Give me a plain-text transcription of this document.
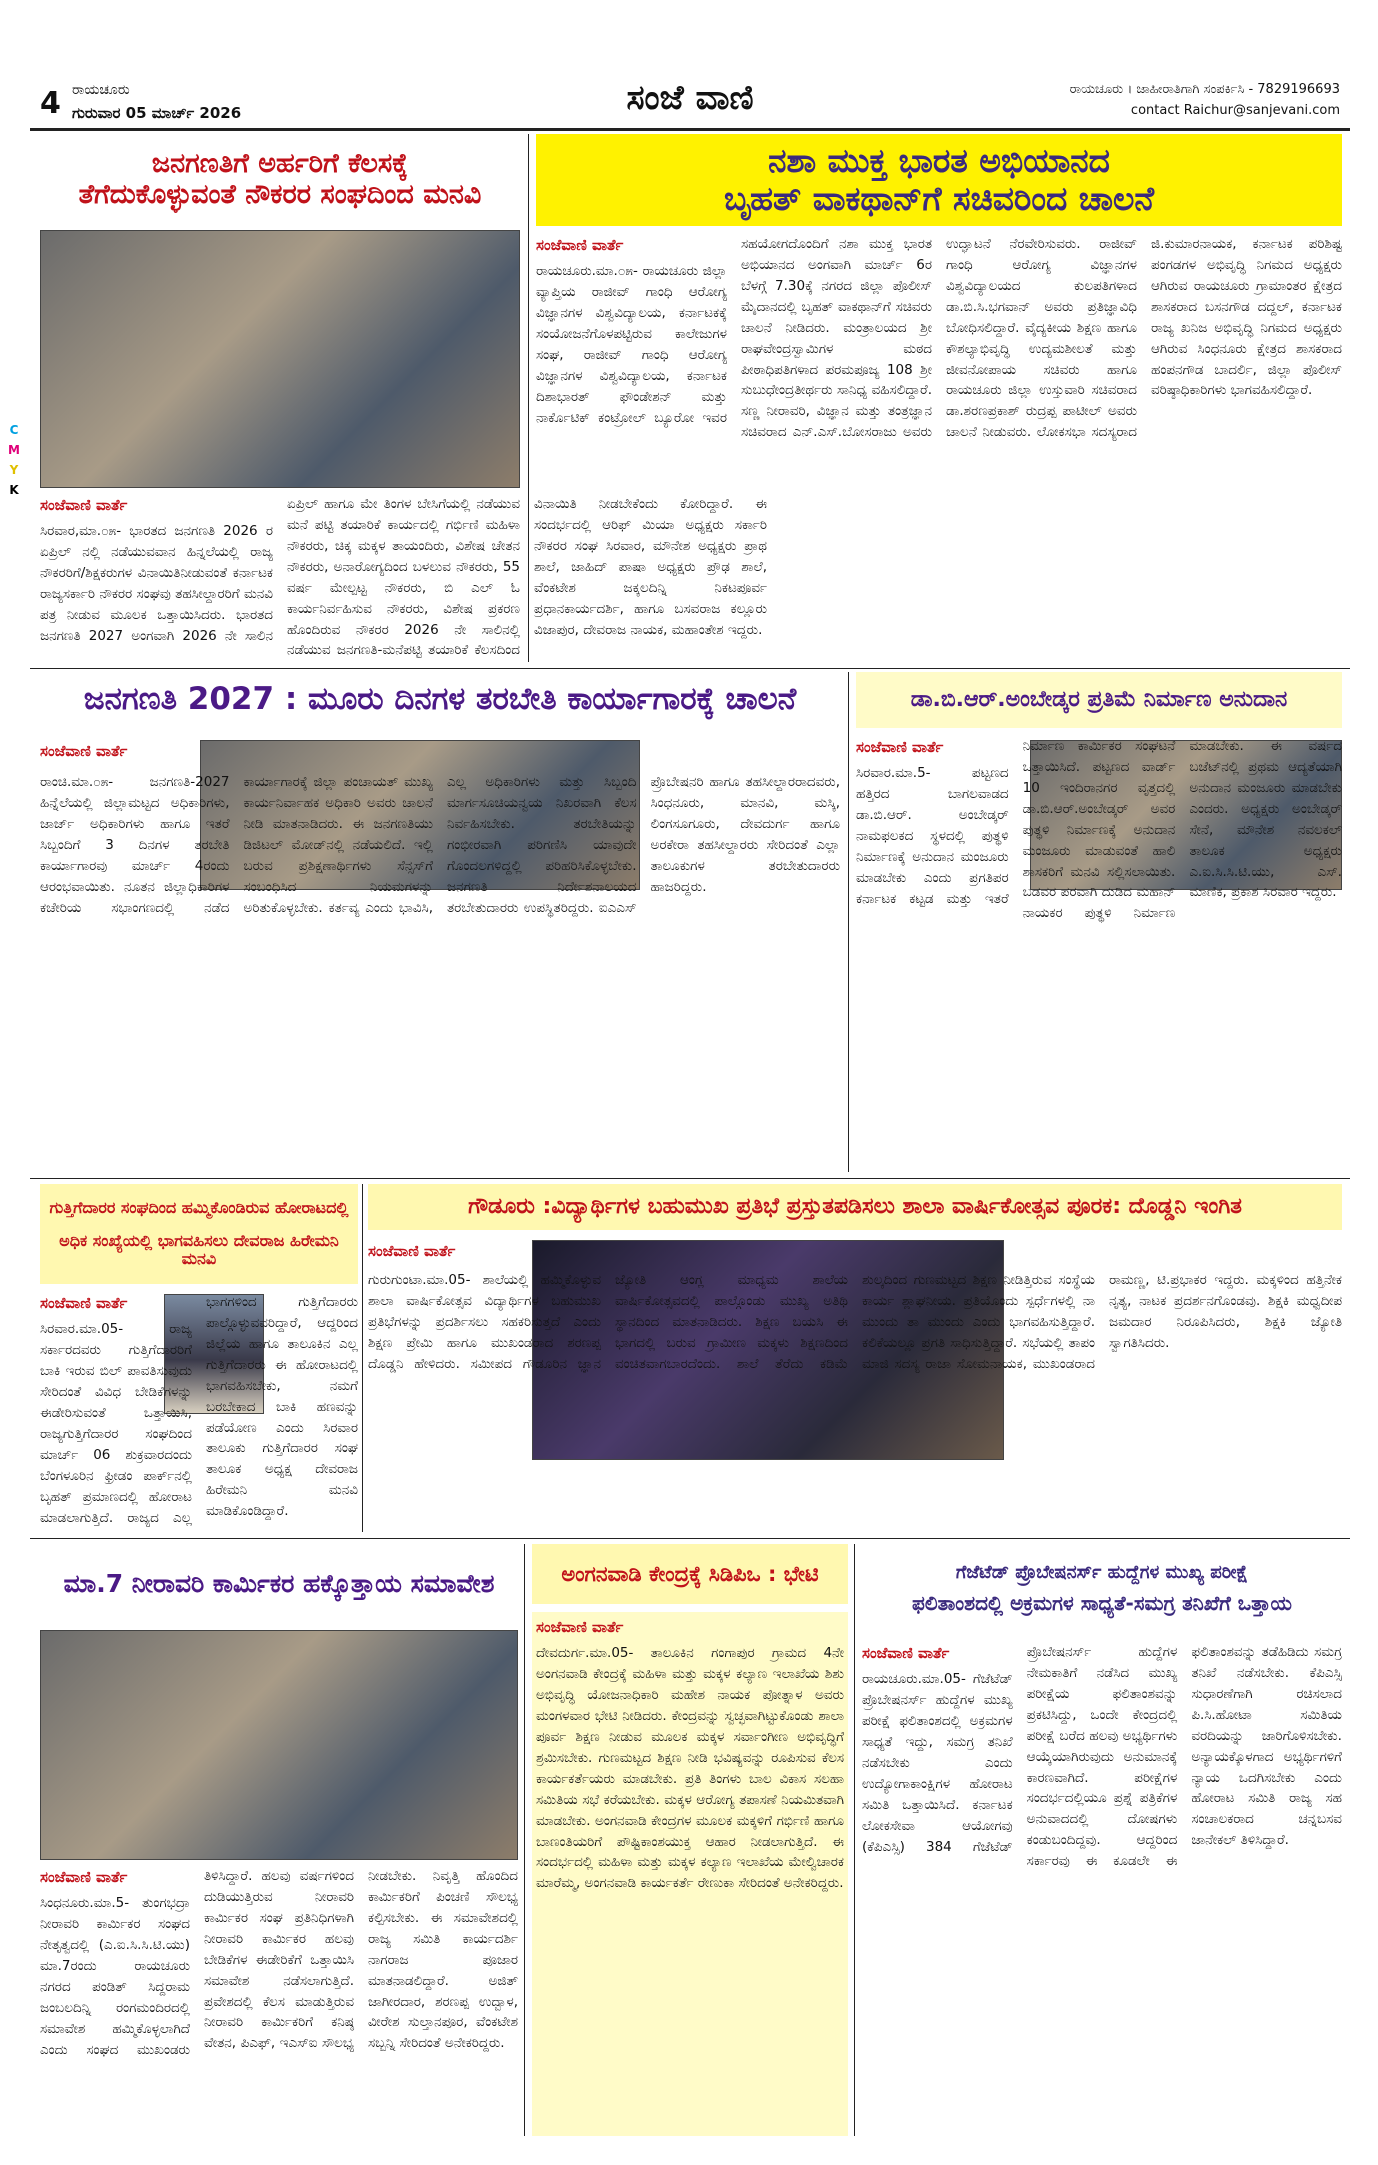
4 ರಾಯಚೂರು
ಗುರುವಾರ 05 ಮಾರ್ಚ್ 2026	ಸಂಜೆ ವಾಣಿ	ರಾಯಚೂರು । ಜಾಹೀರಾತಿಗಾಗಿ ಸಂಪರ್ಕಿಸಿ - 7829196693
contact Raichur@sanjevani.com
C
M
Y
K
ಜನಗಣತಿಗೆ ಅರ್ಹರಿಗೆ ಕೆಲಸಕ್ಕೆ
ತೆಗೆದುಕೊಳ್ಳುವಂತೆ ನೌಕರರ ಸಂಘದಿಂದ ಮನವಿ
ಸಂಜೆವಾಣಿ ವಾರ್ತೆ
ಸಿರವಾರ,ಮಾ.೦೫- ಭಾರತದ ಜನಗಣತಿ 2026 ರ ಏಪ್ರಿಲ್ ನಲ್ಲಿ ನಡೆಯುವವಾನ ಹಿನ್ನಲೆಯಲ್ಲಿ ರಾಜ್ಯ ನೌಕರರಿಗೆ/ಶಿಕ್ಷಕರುಗಳ ವಿನಾಯಿತಿನೀಡುವಂತೆ ಕರ್ನಾಟಕ ರಾಜ್ಯಸರ್ಕಾರಿ ನೌಕರರ ಸಂಘವು ತಹಸೀಲ್ದಾರರಿಗೆ ಮನವಿ ಪತ್ರ ನೀಡುವ ಮೂಲಕ ಒತ್ತಾಯಿಸಿದರು. ಭಾರತದ ಜನಗಣತಿ 2027 ಅಂಗವಾಗಿ 2026 ನೇ ಸಾಲಿನ ಏಪ್ರಿಲ್ ಹಾಗೂ ಮೇ ತಿಂಗಳ ಬೇಸಿಗೆಯಲ್ಲಿ ನಡೆಯುವ ಮನೆ ಪಟ್ಟಿ ತಯಾರಿಕೆ ಕಾರ್ಯದಲ್ಲಿ ಗರ್ಭಿಣಿ ಮಹಿಳಾ ನೌಕರರು, ಚಿಕ್ಕ ಮಕ್ಕಳ ತಾಯಂದಿರು, ವಿಶೇಷ ಚೇತನ ನೌಕರರು, ಅನಾರೋಗ್ಯದಿಂದ ಬಳಲುವ ನೌಕರರು, 55 ವರ್ಷ ಮೇಲ್ಪಟ್ಟ ನೌಕರರು, ಬಿ ಎಲ್ ಓ ಕಾರ್ಯನಿರ್ವಹಿಸುವ ನೌಕರರು, ವಿಶೇಷ ಪ್ರಕರಣ ಹೊಂದಿರುವ ನೌಕರರ 2026 ನೇ ಸಾಲಿನಲ್ಲಿ ನಡೆಯುವ ಜನಗಣತಿ-ಮನೆಪಟ್ಟಿ ತಯಾರಿಕೆ ಕೆಲಸದಿಂದ ವಿನಾಯಿತಿ ನೀಡಬೇಕೆಂದು ಕೋರಿದ್ದಾರೆ. ಈ ಸಂದರ್ಭದಲ್ಲಿ ಆರಿಫ್ ಮಿಯಾ ಅಧ್ಯಕ್ಷರು ಸರ್ಕಾರಿ ನೌಕರರ ಸಂಘ ಸಿರವಾರ, ಮೌನೇಶ ಅಧ್ಯಕ್ಷರು ಪ್ರಾಥ ಶಾಲೆ, ಜಾಹಿದ್ ಪಾಷಾ ಅಧ್ಯಕ್ಷರು ಪ್ರೌಢ ಶಾಲೆ, ವೆಂಕಟೇಶ ಜಕ್ಕಲದಿನ್ನಿ ನಿಕಟಪೂರ್ವ ಪ್ರಧಾನಕಾರ್ಯದರ್ಶಿ, ಹಾಗೂ ಬಸವರಾಜ ಕಲ್ಲೂರು ವಿಜಾಪುರ, ದೇವರಾಜ ನಾಯಕ, ಮಹಾಂತೇಶ ಇದ್ದರು.
ನಶಾ ಮುಕ್ತ ಭಾರತ ಅಭಿಯಾನದ
ಬೃಹತ್ ವಾಕಥಾನ್‌ಗೆ ಸಚಿವರಿಂದ ಚಾಲನೆ
ಸಂಜೆವಾಣಿ ವಾರ್ತೆ
ರಾಯಚೂರು.ಮಾ.೦೫- ರಾಯಚೂರು ಜಿಲ್ಲಾ ವ್ಯಾಪ್ತಿಯ ರಾಜೀವ್ ಗಾಂಧಿ ಆರೋಗ್ಯ ವಿಜ್ಞಾನಗಳ ವಿಶ್ವವಿದ್ಯಾಲಯ, ಕರ್ನಾಟಕಕ್ಕೆ ಸಂಯೋಜನೆಗೊಳಪಟ್ಟಿರುವ ಕಾಲೇಜುಗಳ ಸಂಘ, ರಾಜೀವ್ ಗಾಂಧಿ ಆರೋಗ್ಯ ವಿಜ್ಞಾನಗಳ ವಿಶ್ವವಿದ್ಯಾಲಯ, ಕರ್ನಾಟಕ ದಿಶಾಭಾರತ್ ಫೌಂಡೇಶನ್ ಮತ್ತು ನಾರ್ಕೊಟಿಕ್ ಕಂಟ್ರೋಲ್ ಬ್ಯೂರೋ ಇವರ ಸಹಯೋಗದೊಂದಿಗೆ ನಶಾ ಮುಕ್ತ ಭಾರತ ಅಭಿಯಾನದ ಅಂಗವಾಗಿ ಮಾರ್ಚ್ 6ರ ಬೆಳಗ್ಗೆ 7.30ಕ್ಕೆ ನಗರದ ಜಿಲ್ಲಾ ಪೊಲೀಸ್ ಮೈದಾನದಲ್ಲಿ ಬೃಹತ್ ವಾಕಥಾನ್‌ಗೆ ಸಚಿವರು ಚಾಲನೆ ನೀಡಿದರು. ಮಂತ್ರಾಲಯದ ಶ್ರೀ ರಾಘವೇಂದ್ರಸ್ವಾಮಿಗಳ ಮಠದ ಪೀಠಾಧಿಪತಿಗಳಾದ ಪರಮಪೂಜ್ಯ 108 ಶ್ರೀ ಸುಬುಧೇಂದ್ರತೀರ್ಥರು ಸಾನಿಧ್ಯ ವಹಿಸಲಿದ್ದಾರೆ. ಸಣ್ಣ ನೀರಾವರಿ, ವಿಜ್ಞಾನ ಮತ್ತು ತಂತ್ರಜ್ಞಾನ ಸಚಿವರಾದ ಎನ್.ಎಸ್.ಬೋಸರಾಜು ಅವರು ಉದ್ಘಾಟನೆ ನೆರವೇರಿಸುವರು. ರಾಜೀವ್ ಗಾಂಧಿ ಆರೋಗ್ಯ ವಿಜ್ಞಾನಗಳ ವಿಶ್ವವಿದ್ಯಾಲಯದ ಕುಲಪತಿಗಳಾದ ಡಾ.ಬಿ.ಸಿ.ಭಗವಾನ್ ಅವರು ಪ್ರತಿಜ್ಞಾವಿಧಿ ಬೋಧಿಸಲಿದ್ದಾರೆ. ವೈದ್ಯಕೀಯ ಶಿಕ್ಷಣ ಹಾಗೂ ಕೌಶಲ್ಯಾಭಿವೃದ್ಧಿ ಉದ್ಯಮಶೀಲತೆ ಮತ್ತು ಜೀವನೋಪಾಯ ಸಚಿವರು ಹಾಗೂ ರಾಯಚೂರು ಜಿಲ್ಲಾ ಉಸ್ತುವಾರಿ ಸಚಿವರಾದ ಡಾ.ಶರಣಪ್ರಕಾಶ್ ರುದ್ರಪ್ಪ ಪಾಟೀಲ್ ಅವರು ಚಾಲನೆ ನೀಡುವರು. ಲೋಕಸಭಾ ಸದಸ್ಯರಾದ ಜಿ.ಕುಮಾರನಾಯಕ, ಕರ್ನಾಟಕ ಪರಿಶಿಷ್ಟ ಪಂಗಡಗಳ ಅಭಿವೃದ್ಧಿ ನಿಗಮದ ಅಧ್ಯಕ್ಷರು ಆಗಿರುವ ರಾಯಚೂರು ಗ್ರಾಮಾಂತರ ಕ್ಷೇತ್ರದ ಶಾಸಕರಾದ ಬಸನಗೌಡ ದದ್ದಲ್, ಕರ್ನಾಟಕ ರಾಜ್ಯ ಖನಿಜ ಅಭಿವೃದ್ಧಿ ನಿಗಮದ ಅಧ್ಯಕ್ಷರು ಆಗಿರುವ ಸಿಂಧನೂರು ಕ್ಷೇತ್ರದ ಶಾಸಕರಾದ ಹಂಪನಗೌಡ ಬಾದರ್ಲಿ, ಜಿಲ್ಲಾ ಪೊಲೀಸ್ ವರಿಷ್ಠಾಧಿಕಾರಿಗಳು ಭಾಗವಹಿಸಲಿದ್ದಾರೆ.
ಜನಗಣತಿ 2027 : ಮೂರು ದಿನಗಳ ತರಬೇತಿ ಕಾರ್ಯಾಗಾರಕ್ಕೆ ಚಾಲನೆ
ಸಂಜೆವಾಣಿ ವಾರ್ತೆ
ರಾಂಚಿ.ಮಾ.೦೫- ಜನಗಣತಿ-2027 ಹಿನ್ನೆಲೆಯಲ್ಲಿ ಜಿಲ್ಲಾಮಟ್ಟದ ಅಧಿಕಾರಿಗಳು, ಜಾರ್ಜ್ ಅಧಿಕಾರಿಗಳು ಹಾಗೂ ಇತರೆ ಸಿಬ್ಬಂದಿಗೆ 3 ದಿನಗಳ ತರಬೇತಿ ಕಾರ್ಯಾಗಾರವು ಮಾರ್ಚ್ 4ರಂದು ಆರಂಭವಾಯಿತು. ನೂತನ ಜಿಲ್ಲಾಧಿಕಾರಿಗಳ ಕಚೇರಿಯ ಸಭಾಂಗಣದಲ್ಲಿ ನಡೆದ ಕಾರ್ಯಾಗಾರಕ್ಕೆ ಜಿಲ್ಲಾ ಪಂಚಾಯತ್ ಮುಖ್ಯ ಕಾರ್ಯನಿರ್ವಾಹಕ ಅಧಿಕಾರಿ ಅವರು ಚಾಲನೆ ನೀಡಿ ಮಾತನಾಡಿದರು. ಈ ಜನಗಣತಿಯು ಡಿಜಿಟಲ್ ಮೋಡ್‌ನಲ್ಲಿ ನಡೆಯಲಿದೆ. ಇಲ್ಲಿ ಬರುವ ಪ್ರಶಿಕ್ಷಣಾರ್ಥಿಗಳು ಸೆನ್ಸಸ್‌ಗೆ ಸಂಬಂಧಿಸಿದ ನಿಯಮಗಳನ್ನು ಅರಿತುಕೊಳ್ಳಬೇಕು. ಕರ್ತವ್ಯ ಎಂದು ಭಾವಿಸಿ, ಎಲ್ಲ ಅಧಿಕಾರಿಗಳು ಮತ್ತು ಸಿಬ್ಬಂದಿ ಮಾರ್ಗಸೂಚಿಯನ್ವಯ ನಿಖರವಾಗಿ ಕೆಲಸ ನಿರ್ವಹಿಸಬೇಕು. ತರಬೇತಿಯನ್ನು ಗಂಭೀರವಾಗಿ ಪರಿಗಣಿಸಿ ಯಾವುದೇ ಗೊಂದಲಗಳಿದ್ದಲ್ಲಿ ಪರಿಹರಿಸಿಕೊಳ್ಳಬೇಕು. ಜನಗಣತಿ ನಿರ್ದೇಶನಾಲಯದ ತರಬೇತುದಾರರು ಉಪಸ್ಥಿತರಿದ್ದರು. ಐಎಎಸ್ ಪ್ರೊಬೇಷನರಿ ಹಾಗೂ ತಹಸೀಲ್ದಾರರಾದವರು, ಸಿಂಧನೂರು, ಮಾನವಿ, ಮಸ್ಕಿ, ಲಿಂಗಸೂಗೂರು, ದೇವದುರ್ಗ ಹಾಗೂ ಅರಕೇರಾ ತಹಸೀಲ್ದಾರರು ಸೇರಿದಂತೆ ಎಲ್ಲಾ ತಾಲೂಕುಗಳ ತರಬೇತುದಾರರು ಹಾಜರಿದ್ದರು.
ಡಾ.ಬಿ.ಆರ್.ಅಂಬೇಡ್ಕರ ಪ್ರತಿಮೆ ನಿರ್ಮಾಣ ಅನುದಾನ
ಸಂಜೆವಾಣಿ ವಾರ್ತೆ
ಸಿರವಾರ.ಮಾ.5- ಪಟ್ಟಣದ ಹತ್ತಿರದ ಬಾಗಲವಾಡದ ಡಾ.ಬಿ.ಆರ್. ಅಂಬೇಡ್ಕರ್ ನಾಮಫಲಕದ ಸ್ಥಳದಲ್ಲಿ ಪುತ್ಥಳಿ ನಿರ್ಮಾಣಕ್ಕೆ ಅನುದಾನ ಮಂಜೂರು ಮಾಡಬೇಕು ಎಂದು ಪ್ರಗತಿಪರ ಕರ್ನಾಟಕ ಕಟ್ಟಡ ಮತ್ತು ಇತರೆ ನಿರ್ಮಾಣ ಕಾರ್ಮಿಕರ ಸಂಘಟನೆ ಒತ್ತಾಯಿಸಿದೆ. ಪಟ್ಟಣದ ವಾರ್ಡ್ 10 ಇಂದಿರಾನಗರ ವೃತ್ತದಲ್ಲಿ ಡಾ.ಬಿ.ಆರ್.ಅಂಬೇಡ್ಕರ್ ಅವರ ಪುತ್ಥಳಿ ನಿರ್ಮಾಣಕ್ಕೆ ಅನುದಾನ ಮಂಜೂರು ಮಾಡುವಂತೆ ಹಾಲಿ ಶಾಸಕರಿಗೆ ಮನವಿ ಸಲ್ಲಿಸಲಾಯಿತು. ಬಡವರ ಪರವಾಗಿ ದುಡಿದ ಮಹಾನ್ ನಾಯಕರ ಪುತ್ಥಳಿ ನಿರ್ಮಾಣ ಮಾಡಬೇಕು. ಈ ವರ್ಷದ ಬಜೆಟ್‌ನಲ್ಲಿ ಪ್ರಥಮ ಆದ್ಯತೆಯಾಗಿ ಅನುದಾನ ಮಂಜೂರು ಮಾಡಬೇಕು ಎಂದರು. ಅಧ್ಯಕ್ಷರು ಅಂಬೇಡ್ಕರ್ ಸೇನೆ, ಮೌನೇಶ ನವಲಕಲ್ ತಾಲೂಕ ಅಧ್ಯಕ್ಷರು ಎ.ಐ.ಸಿ.ಸಿ.ಟಿ.ಯು, ಎಸ್. ಮಾಣಿಕ, ಪ್ರಕಾಶ ಸಿರವಾರ ಇದ್ದರು.
ಗುತ್ತಿಗೆದಾರರ ಸಂಘದಿಂದ ಹಮ್ಮಿಕೊಂಡಿರುವ ಹೋರಾಟದಲ್ಲಿ
ಅಧಿಕ ಸಂಖ್ಯೆಯಲ್ಲಿ ಭಾಗವಹಿಸಲು ದೇವರಾಜ ಹಿರೇಮನಿ ಮನವಿ
ಸಂಜೆವಾಣಿ ವಾರ್ತೆ
ಸಿರವಾರ.ಮಾ.05- ರಾಜ್ಯ ಸರ್ಕಾರದವರು ಗುತ್ತಿಗೆದಾರರಿಗೆ ಬಾಕಿ ಇರುವ ಬಿಲ್ ಪಾವತಿಸುವುದು ಸೇರಿದಂತೆ ವಿವಿಧ ಬೇಡಿಕೆಗಳನ್ನು ಈಡೇರಿಸುವಂತೆ ಒತ್ತಾಯಿಸಿ, ರಾಜ್ಯಗುತ್ತಿಗೆದಾರರ ಸಂಘದಿಂದ ಮಾರ್ಚ್ 06 ಶುಕ್ರವಾರದಂದು ಬೆಂಗಳೂರಿನ ಫ್ರೀಡಂ ಪಾರ್ಕ್‌ನಲ್ಲಿ ಬೃಹತ್ ಪ್ರಮಾಣದಲ್ಲಿ ಹೋರಾಟ ಮಾಡಲಾಗುತ್ತಿದೆ. ರಾಜ್ಯದ ಎಲ್ಲ ಭಾಗಗಳಿಂದ ಗುತ್ತಿಗೆದಾರರು ಪಾಲ್ಗೊಳ್ಳುವವರಿದ್ದಾರೆ, ಆದ್ದರಿಂದ ಜಿಲ್ಲೆಯ ಹಾಗೂ ತಾಲೂಕಿನ ಎಲ್ಲ ಗುತ್ತಿಗೆದಾರರು ಈ ಹೋರಾಟದಲ್ಲಿ ಭಾಗವಹಿಸಬೇಕು, ನಮಗೆ ಬರಬೇಕಾದ ಬಾಕಿ ಹಣವನ್ನು ಪಡೆಯೋಣ ಎಂದು ಸಿರವಾರ ತಾಲೂಕು ಗುತ್ತಿಗೆದಾರರ ಸಂಘ ತಾಲೂಕ ಅಧ್ಯಕ್ಷ ದೇವರಾಜ ಹಿರೇಮನಿ ಮನವಿ ಮಾಡಿಕೊಂಡಿದ್ದಾರೆ.
ಗೌಡೂರು :ವಿದ್ಯಾರ್ಥಿಗಳ ಬಹುಮುಖ ಪ್ರತಿಭೆ ಪ್ರಸ್ತುತಪಡಿಸಲು ಶಾಲಾ ವಾರ್ಷಿಕೋತ್ಸವ ಪೂರಕ: ದೊಡ್ಡನಿ ಇಂಗಿತ
ಸಂಜೆವಾಣಿ ವಾರ್ತೆ
ಗುರುಗುಂಟಾ.ಮಾ.05- ಶಾಲೆಯಲ್ಲಿ ಹಮ್ಮಿಕೊಳ್ಳುವ ಶಾಲಾ ವಾರ್ಷಿಕೋತ್ಸವ ವಿದ್ಯಾರ್ಥಿಗಳ ಬಹುಮುಖ ಪ್ರತಿಭೆಗಳನ್ನು ಪ್ರದರ್ಶಿಸಲು ಸಹಕರಿಸುತ್ತದೆ ಎಂದು ಶಿಕ್ಷಣ ಪ್ರೇಮಿ ಹಾಗೂ ಮುಖಂಡರಾದ ಶರಣಪ್ಪ ದೊಡ್ಡನಿ ಹೇಳಿದರು. ಸಮೀಪದ ಗೌಡೂರಿನ ಜ್ಞಾನ ಜ್ಯೋತಿ ಆಂಗ್ಲ ಮಾಧ್ಯಮ ಶಾಲೆಯ ವಾರ್ಷಿಕೋತ್ಸವದಲ್ಲಿ ಪಾಲ್ಗೊಂಡು ಮುಖ್ಯ ಅತಿಥಿ ಸ್ಥಾನದಿಂದ ಮಾತನಾಡಿದರು. ಶಿಕ್ಷಣ ಬಯಸಿ ಈ ಭಾಗದಲ್ಲಿ ಬರುವ ಗ್ರಾಮೀಣ ಮಕ್ಕಳು ಶಿಕ್ಷಣದಿಂದ ವಂಚಿತವಾಗಬಾರದೆಂದು. ಶಾಲೆ ತೆರೆದು ಕಡಿಮೆ ಶುಲ್ಕದಿಂದ ಗುಣಮಟ್ಟದ ಶಿಕ್ಷಣ ನೀಡಿತ್ತಿರುವ ಸಂಸ್ಥೆಯ ಕಾರ್ಯ ಶ್ಲಾಘನೀಯ. ಪ್ರತಿಯೊಂದು ಸ್ಪರ್ಧೆಗಳಲ್ಲಿ ನಾ ಮುಂದು ತಾ ಮುಂದು ಎಂದು ಭಾಗವಹಿಸುತ್ತಿದ್ದಾರೆ. ಕಲಿಕೆಯಲ್ಲೂ ಪ್ರಗತಿ ಸಾಧಿಸುತ್ತಿದ್ದಾರೆ. ಸಭೆಯಲ್ಲಿ ತಾಪಂ ಮಾಜಿ ಸದಸ್ಯ ರಾಜಾ ಸೋಮನಾಯಕ, ಮುಖಂಡರಾದ ರಾಮಣ್ಣ, ಟಿ.ಪ್ರಭಾಕರ ಇದ್ದರು. ಮಕ್ಕಳಿಂದ ಹತ್ತಿನೇಕ ನೃತ್ಯ, ನಾಟಕ ಪ್ರದರ್ಶನಗೊಂಡವು. ಶಿಕ್ಷಕಿ ಮಧ್ವದೀಪ ಜಮದಾರ ನಿರೂಪಿಸಿದರು, ಶಿಕ್ಷಕಿ ಜ್ಯೋತಿ ಸ್ವಾಗತಿಸಿದರು.
ಮಾ.7 ನೀರಾವರಿ ಕಾರ್ಮಿಕರ ಹಕ್ಕೊತ್ತಾಯ ಸಮಾವೇಶ
ಸಂಜೆವಾಣಿ ವಾರ್ತೆ
ಸಿಂಧನೂರು.ಮಾ.5- ತುಂಗಭದ್ರಾ ನೀರಾವರಿ ಕಾರ್ಮಿಕರ ಸಂಘದ ನೇತೃತ್ವದಲ್ಲಿ (ಎ.ಐ.ಸಿ.ಸಿ.ಟಿ.ಯು) ಮಾ.7ರಂದು ರಾಯಚೂರು ನಗರದ ಪಂಡಿತ್ ಸಿದ್ದರಾಮ ಜಂಬಲದಿನ್ನಿ ರಂಗಮಂದಿರದಲ್ಲಿ ಸಮಾವೇಶ ಹಮ್ಮಿಕೊಳ್ಳಲಾಗಿದೆ ಎಂದು ಸಂಘದ ಮುಖಂಡರು ತಿಳಿಸಿದ್ದಾರೆ. ಹಲವು ವರ್ಷಗಳಿಂದ ದುಡಿಯುತ್ತಿರುವ ನೀರಾವರಿ ಕಾರ್ಮಿಕರ ಸಂಘ ಪ್ರತಿನಿಧಿಗಳಾಗಿ ನೀರಾವರಿ ಕಾರ್ಮಿಕರ ಹಲವು ಬೇಡಿಕೆಗಳ ಈಡೇರಿಕೆಗೆ ಒತ್ತಾಯಿಸಿ ಸಮಾವೇಶ ನಡೆಸಲಾಗುತ್ತಿದೆ. ಪ್ರವೇಶದಲ್ಲಿ ಕೆಲಸ ಮಾಡುತ್ತಿರುವ ನೀರಾವರಿ ಕಾರ್ಮಿಕರಿಗೆ ಕನಿಷ್ಠ ವೇತನ, ಪಿಎಫ್, ಇಎಸ್ಐ ಸೌಲಭ್ಯ ನೀಡಬೇಕು. ನಿವೃತ್ತಿ ಹೊಂದಿದ ಕಾರ್ಮಿಕರಿಗೆ ಪಿಂಚಣಿ ಸೌಲಭ್ಯ ಕಲ್ಪಿಸಬೇಕು. ಈ ಸಮಾವೇಶದಲ್ಲಿ ರಾಜ್ಯ ಸಮಿತಿ ಕಾರ್ಯದರ್ಶಿ ನಾಗರಾಜ ಪೂಜಾರ ಮಾತನಾಡಲಿದ್ದಾರೆ. ಅಜಿತ್ ಜಾಗೀರದಾರ, ಶರಣಪ್ಪ ಉದ್ಬಾಳ, ವೀರೇಶ ಸುಲ್ತಾನಪೂರ, ವೆಂಕಟೇಶ ಸಬ್ಬನ್ನಿ ಸೇರಿದಂತೆ ಅನೇಕರಿದ್ದರು.
ಅಂಗನವಾಡಿ ಕೇಂದ್ರಕ್ಕೆ ಸಿಡಿಪಿಒ : ಭೇಟಿ
ಸಂಜೆವಾಣಿ ವಾರ್ತೆ
ದೇವದುರ್ಗ.ಮಾ.05- ತಾಲೂಕಿನ ಗಂಗಾಪುರ ಗ್ರಾಮದ 4ನೇ ಅಂಗನವಾಡಿ ಕೇಂದ್ರಕ್ಕೆ ಮಹಿಳಾ ಮತ್ತು ಮಕ್ಕಳ ಕಲ್ಯಾಣ ಇಲಾಖೆಯ ಶಿಶು ಅಭಿವೃದ್ಧಿ ಯೋಜನಾಧಿಕಾರಿ ಮಹೇಶ ನಾಯಕ ಪೋತ್ನಾಳ ಅವರು ಮಂಗಳವಾರ ಭೇಟಿ ನೀಡಿದರು. ಕೇಂದ್ರವನ್ನು ಸ್ವಚ್ಛವಾಗಿಟ್ಟುಕೊಂಡು ಶಾಲಾ ಪೂರ್ವ ಶಿಕ್ಷಣ ನೀಡುವ ಮೂಲಕ ಮಕ್ಕಳ ಸರ್ವಾಂಗೀಣ ಅಭಿವೃದ್ಧಿಗೆ ಶ್ರಮಿಸಬೇಕು. ಗುಣಮಟ್ಟದ ಶಿಕ್ಷಣ ನೀಡಿ ಭವಿಷ್ಯವನ್ನು ರೂಪಿಸುವ ಕೆಲಸ ಕಾರ್ಯಕರ್ತೆಯರು ಮಾಡಬೇಕು. ಪ್ರತಿ ತಿಂಗಳು ಬಾಲ ವಿಕಾಸ ಸಲಹಾ ಸಮಿತಿಯ ಸಭೆ ಕರೆಯಬೇಕು. ಮಕ್ಕಳ ಆರೋಗ್ಯ ತಪಾಸಣೆ ನಿಯಮಿತವಾಗಿ ಮಾಡಬೇಕು. ಅಂಗನವಾಡಿ ಕೇಂದ್ರಗಳ ಮೂಲಕ ಮಕ್ಕಳಿಗೆ ಗರ್ಭಿಣಿ ಹಾಗೂ ಬಾಣಂತಿಯರಿಗೆ ಪೌಷ್ಟಿಕಾಂಶಯುಕ್ತ ಆಹಾರ ನೀಡಲಾಗುತ್ತಿದೆ. ಈ ಸಂದರ್ಭದಲ್ಲಿ ಮಹಿಳಾ ಮತ್ತು ಮಕ್ಕಳ ಕಲ್ಯಾಣ ಇಲಾಖೆಯ ಮೇಲ್ವಿಚಾರಕ ಮಾರೆಮ್ಮ, ಅಂಗನವಾಡಿ ಕಾರ್ಯಕರ್ತೆ ರೇಣುಕಾ ಸೇರಿದಂತೆ ಅನೇಕರಿದ್ದರು.
ಗೆಜೆಟೆಡ್ ಪ್ರೊಬೇಷನರ್ಸ್ ಹುದ್ದೆಗಳ ಮುಖ್ಯ ಪರೀಕ್ಷೆ
ಫಲಿತಾಂಶದಲ್ಲಿ ಅಕ್ರಮಗಳ ಸಾಧ್ಯತೆ-ಸಮಗ್ರ ತನಿಖೆಗೆ ಒತ್ತಾಯ
ಸಂಜೆವಾಣಿ ವಾರ್ತೆ
ರಾಯಚೂರು.ಮಾ.05- ಗೆಜೆಟೆಡ್ ಪ್ರೊಬೇಷನರ್ಸ್ ಹುದ್ದೆಗಳ ಮುಖ್ಯ ಪರೀಕ್ಷೆ ಫಲಿತಾಂಶದಲ್ಲಿ ಅಕ್ರಮಗಳ ಸಾಧ್ಯತೆ ಇದ್ದು, ಸಮಗ್ರ ತನಿಖೆ ನಡೆಸಬೇಕು ಎಂದು ಉದ್ಯೋಗಾಕಾಂಕ್ಷಿಗಳ ಹೋರಾಟ ಸಮಿತಿ ಒತ್ತಾಯಿಸಿದೆ. ಕರ್ನಾಟಕ ಲೋಕಸೇವಾ ಆಯೋಗವು (ಕೆಪಿಎಸ್ಸಿ) 384 ಗೆಜೆಟೆಡ್ ಪ್ರೊಬೇಷನರ್ಸ್ ಹುದ್ದೆಗಳ ನೇಮಕಾತಿಗೆ ನಡೆಸಿದ ಮುಖ್ಯ ಪರೀಕ್ಷೆಯ ಫಲಿತಾಂಶವನ್ನು ಪ್ರಕಟಿಸಿದ್ದು, ಒಂದೇ ಕೇಂದ್ರದಲ್ಲಿ ಪರೀಕ್ಷೆ ಬರೆದ ಹಲವು ಅಭ್ಯರ್ಥಿಗಳು ಆಯ್ಕೆಯಾಗಿರುವುದು ಅನುಮಾನಕ್ಕೆ ಕಾರಣವಾಗಿದೆ. ಪರೀಕ್ಷೆಗಳ ಸಂದರ್ಭದಲ್ಲಿಯೂ ಪ್ರಶ್ನೆ ಪತ್ರಿಕೆಗಳ ಅನುವಾದದಲ್ಲಿ ದೋಷಗಳು ಕಂಡುಬಂದಿದ್ದವು. ಆದ್ದರಿಂದ ಸರ್ಕಾರವು ಈ ಕೂಡಲೇ ಈ ಫಲಿತಾಂಶವನ್ನು ತಡೆಹಿಡಿದು ಸಮಗ್ರ ತನಿಖೆ ನಡೆಸಬೇಕು. ಕೆಪಿಎಸ್ಸಿ ಸುಧಾರಣೆಗಾಗಿ ರಚಿಸಲಾದ ಪಿ.ಸಿ.ಹೋಟಾ ಸಮಿತಿಯ ವರದಿಯನ್ನು ಜಾರಿಗೊಳಿಸಬೇಕು. ಅನ್ಯಾಯಕ್ಕೊಳಗಾದ ಅಭ್ಯರ್ಥಿಗಳಿಗೆ ನ್ಯಾಯ ಒದಗಿಸಬೇಕು ಎಂದು ಹೋರಾಟ ಸಮಿತಿ ರಾಜ್ಯ ಸಹ ಸಂಚಾಲಕರಾದ ಚನ್ನಬಸವ ಜಾನೇಕಲ್ ತಿಳಿಸಿದ್ದಾರೆ.
